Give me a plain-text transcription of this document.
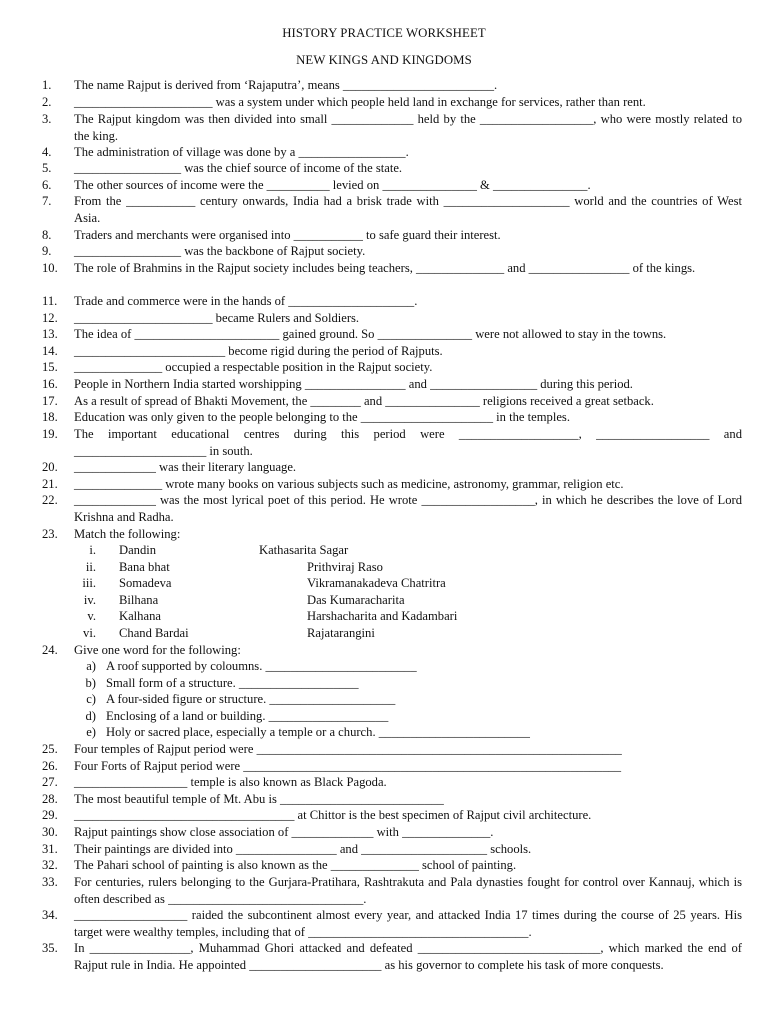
HISTORY PRACTICE WORKSHEET
NEW KINGS AND KINGDOMS
1. The name Rajput is derived from ‘Rajaputra’, means ________________________.
2. ______________________ was a system under which people held land in exchange for services, rather than rent.
3. The Rajput kingdom was then divided into small _____________ held by the __________________, who were mostly related to the king.
4. The administration of village was done by a _________________.
5. _________________ was the chief source of income of the state.
6. The other sources of income were the __________ levied on _______________ & _______________.
7. From the ___________ century onwards, India had a brisk trade with ____________________ world and the countries of West Asia.
8. Traders and merchants were organised into ___________ to safe guard their interest.
9. _________________ was the backbone of Rajput society.
10. The role of Brahmins in the Rajput society includes being teachers, ______________ and ________________ of the kings.
11. Trade and commerce were in the hands of ____________________.
12. ______________________ became Rulers and Soldiers.
13. The idea of _______________________ gained ground. So _______________ were not allowed to stay in the towns.
14. ________________________ become rigid during the period of Rajputs.
15. ______________ occupied a respectable position in the Rajput society.
16. People in Northern India started worshipping ________________ and _________________ during this period.
17. As a result of spread of Bhakti Movement, the ________ and _______________ religions received a great setback.
18. Education was only given to the people belonging to the _____________________ in the temples.
19. The important educational centres during this period were ___________________, __________________ and _____________________ in south.
20. _____________ was their literary language.
21. ______________ wrote many books on various subjects such as medicine, astronomy, grammar, religion etc.
22. _____________ was the most lyrical poet of this period. He wrote __________________, in which he describes the love of Lord Krishna and Radha.
23. Match the following:
i. Dandin	Kathasarita Sagar
ii. Bana bhat	Prithviraj Raso
iii. Somadeva	Vikramanakadeva Chatritra
iv. Bilhana	Das Kumaracharita
v. Kalhana	Harshacharita and Kadambari
vi. Chand Bardai	Rajatarangini
24. Give one word for the following:
a) A roof supported by coloumns. ________________________
b) Small form of a structure. ___________________
c) A four-sided figure or structure. ____________________
d) Enclosing of a land or building. ___________________
e) Holy or sacred place, especially a temple or a church. ________________________
25. Four temples of Rajput period were __________________________________________________________
26. Four Forts of Rajput period were ____________________________________________________________
27. __________________ temple is also known as Black Pagoda.
28. The most beautiful temple of Mt. Abu is __________________________
29. ___________________________________ at Chittor is the best specimen of Rajput civil architecture.
30. Rajput paintings show close association of _____________ with ______________.
31. Their paintings are divided into ________________ and ____________________ schools.
32. The Pahari school of painting is also known as the ______________ school of painting.
33. For centuries, rulers belonging to the Gurjara-Pratihara, Rashtrakuta and Pala dynasties fought for control over Kannauj, which is often described as _______________________________.
34. __________________ raided the subcontinent almost every year, and attacked India 17 times during the course of 25 years. His target were wealthy temples, including that of ___________________________________.
35. In ________________, Muhammad Ghori attacked and defeated _____________________________, which marked the end of Rajput rule in India. He appointed _____________________ as his governor to complete his task of more conquests.
